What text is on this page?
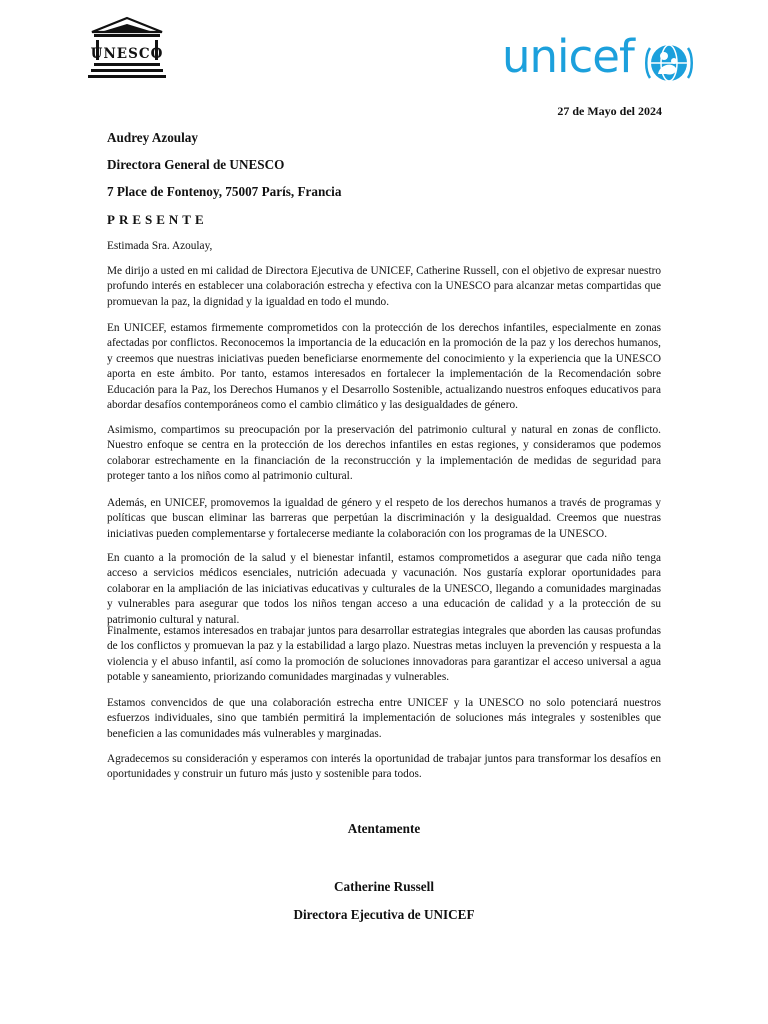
UNESCO	unicef
27 de Mayo del 2024
Audrey Azoulay
Directora General de UNESCO
7 Place de Fontenoy, 75007 París, Francia
PRESENTE
Estimada Sra. Azoulay,
Me dirijo a usted en mi calidad de Directora Ejecutiva de UNICEF, Catherine Russell, con el objetivo de expresar nuestro profundo interés en establecer una colaboración estrecha y efectiva con la UNESCO para alcanzar metas compartidas que promuevan la paz, la dignidad y la igualdad en todo el mundo.
En UNICEF, estamos firmemente comprometidos con la protección de los derechos infantiles, especialmente en zonas afectadas por conflictos. Reconocemos la importancia de la educación en la promoción de la paz y los derechos humanos, y creemos que nuestras iniciativas pueden beneficiarse enormemente del conocimiento y la experiencia que la UNESCO aporta en este ámbito. Por tanto, estamos interesados en fortalecer la implementación de la Recomendación sobre Educación para la Paz, los Derechos Humanos y el Desarrollo Sostenible, actualizando nuestros enfoques educativos para abordar desafíos contemporáneos como el cambio climático y las desigualdades de género.
Asimismo, compartimos su preocupación por la preservación del patrimonio cultural y natural en zonas de conflicto. Nuestro enfoque se centra en la protección de los derechos infantiles en estas regiones, y consideramos que podemos colaborar estrechamente en la financiación de la reconstrucción y la implementación de medidas de seguridad para proteger tanto a los niños como al patrimonio cultural.
Además, en UNICEF, promovemos la igualdad de género y el respeto de los derechos humanos a través de programas y políticas que buscan eliminar las barreras que perpetúan la discriminación y la desigualdad. Creemos que nuestras iniciativas pueden complementarse y fortalecerse mediante la colaboración con los programas de la UNESCO.
En cuanto a la promoción de la salud y el bienestar infantil, estamos comprometidos a asegurar que cada niño tenga acceso a servicios médicos esenciales, nutrición adecuada y vacunación. Nos gustaría explorar oportunidades para colaborar en la ampliación de las iniciativas educativas y culturales de la UNESCO, llegando a comunidades marginadas y vulnerables para asegurar que todos los niños tengan acceso a una educación de calidad y a la protección de su patrimonio cultural y natural.
Finalmente, estamos interesados en trabajar juntos para desarrollar estrategias integrales que aborden las causas profundas de los conflictos y promuevan la paz y la estabilidad a largo plazo. Nuestras metas incluyen la prevención y respuesta a la violencia y el abuso infantil, así como la promoción de soluciones innovadoras para garantizar el acceso universal a agua potable y saneamiento, priorizando comunidades marginadas y vulnerables.
Estamos convencidos de que una colaboración estrecha entre UNICEF y la UNESCO no solo potenciará nuestros esfuerzos individuales, sino que también permitirá la implementación de soluciones más integrales y sostenibles que beneficien a las comunidades más vulnerables y marginadas.
Agradecemos su consideración y esperamos con interés la oportunidad de trabajar juntos para transformar los desafíos en oportunidades y construir un futuro más justo y sostenible para todos.
Atentamente
Catherine Russell
Directora Ejecutiva de UNICEF
